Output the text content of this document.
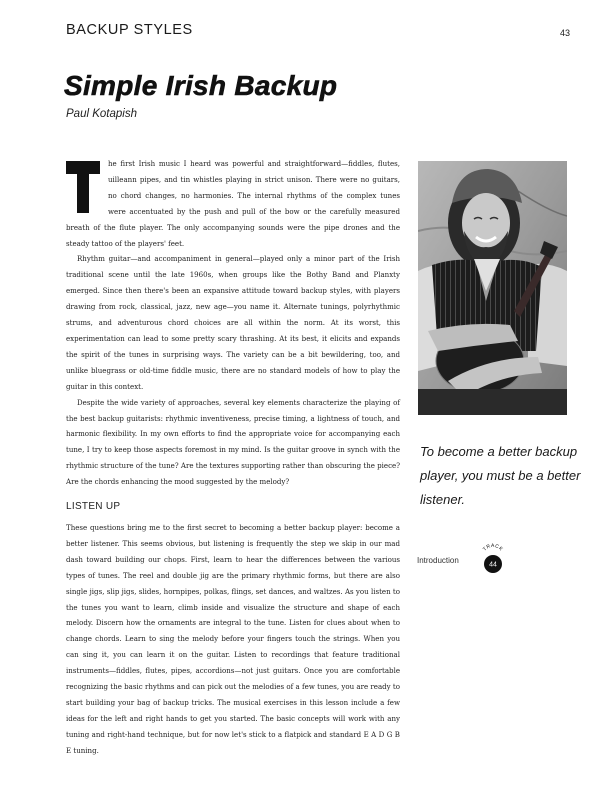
BACKUP STYLES	43
Simple Irish Backup
Paul Kotapish

he first Irish music I heard was powerful and straightforward—fiddles, flutes, uilleann pipes, and tin whistles playing in strict unison. There were no guitars, no chord changes, no harmonies. The internal rhythms of the complex tunes were accentuated by the push and pull of the bow or the carefully measured breath of the flute player. The only accompanying sounds were the pipe drones and the steady tattoo of the players' feet.

Rhythm guitar—and accompaniment in general—played only a minor part of the Irish traditional scene until the late 1960s, when groups like the Bothy Band and Planxty emerged. Since then there's been an expansive attitude toward backup styles, with players drawing from rock, classical, jazz, new age—you name it. Alternate tunings, polyrhythmic strums, and adventurous chord choices are all within the norm. At its worst, this experimentation can lead to some pretty scary thrashing. At its best, it elicits and expands the spirit of the tunes in surprising ways. The variety can be a bit bewildering, too, and unlike bluegrass or old-time fiddle music, there are no standard models of how to play the guitar in this context.

Despite the wide variety of approaches, several key elements characterize the playing of the best backup guitarists: rhythmic inventiveness, precise timing, a lightness of touch, and harmonic flexibility. In my own efforts to find the appropriate voice for accompanying each tune, I try to keep those aspects foremost in my mind. Is the guitar groove in synch with the rhythmic structure of the tune? Are the textures supporting rather than obscuring the piece? Are the chords enhancing the mood suggested by the melody?

LISTEN UP

These questions bring me to the first secret to becoming a better backup player: become a better listener. This seems obvious, but listening is frequently the step we skip in our mad dash toward building our chops. First, learn to hear the differences between the various types of tunes. The reel and double jig are the primary rhythmic forms, but there are also single jigs, slip jigs, slides, hornpipes, polkas, flings, set dances, and waltzes. As you listen to the tunes you want to learn, climb inside and visualize the structure and shape of each melody. Discern how the ornaments are integral to the tune. Listen for clues about when to change chords. Learn to sing the melody before your fingers touch the strings. When you can sing it, you can learn it on the guitar. Listen to recordings that feature traditional instruments—fiddles, flutes, pipes, accordions—not just guitars. Once you are comfortable recognizing the basic rhythms and can pick out the melodies of a few tunes, you are ready to start building your bag of backup tricks. The musical exercises in this lesson include a few ideas for the left and right hands to get you started. The basic concepts will work with any tuning and right-hand technique, but for now let's stick to a flatpick and standard E A D G B E tuning.

To become a better backup player, you must be a better listener.
Introduction
TRACK
44
